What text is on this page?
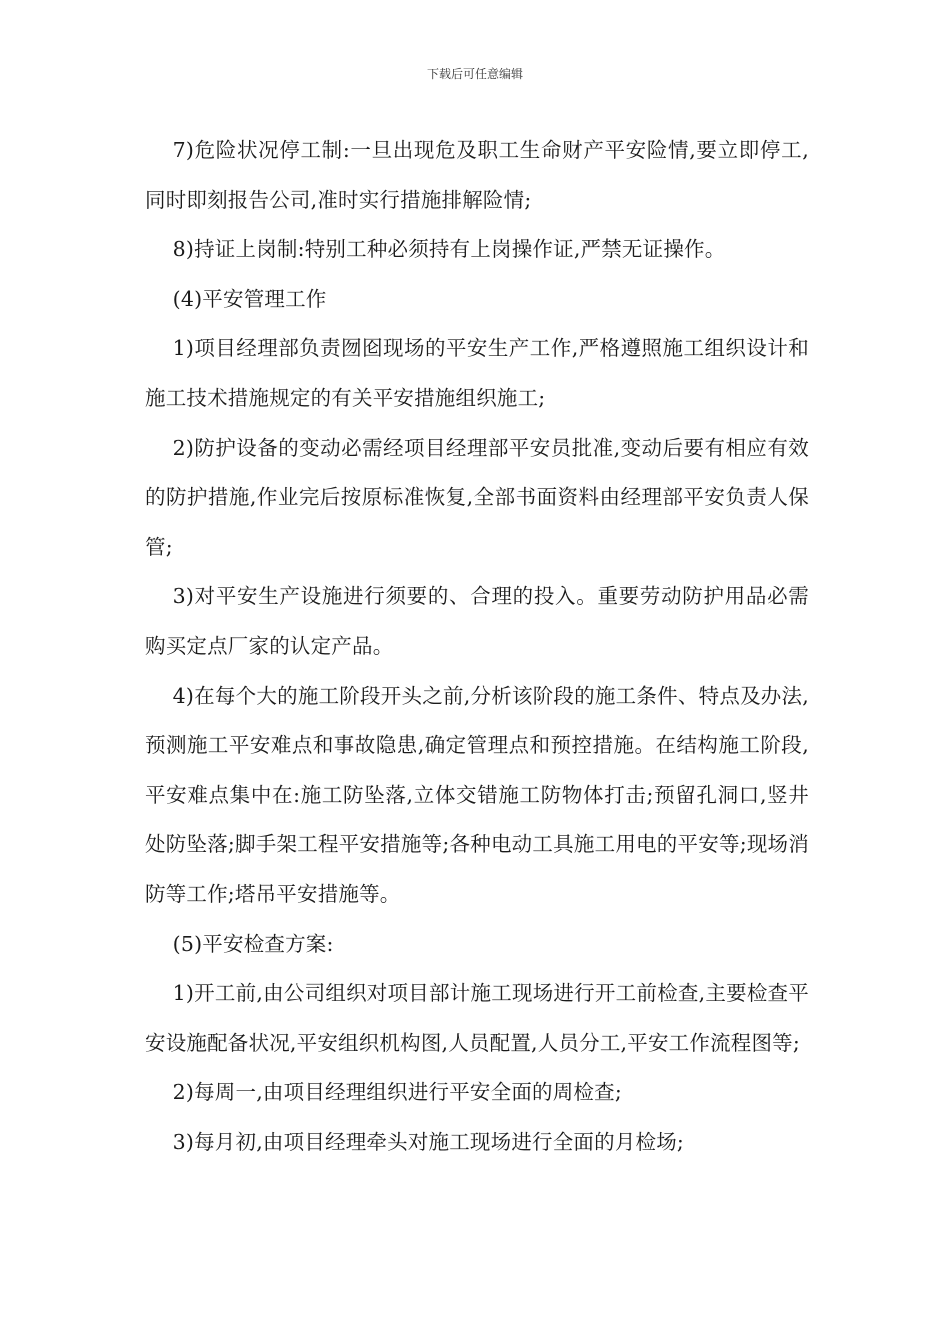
下载后可任意编辑

7)危险状况停工制:一旦出现危及职工生命财产平安险情,要立即停工,同时即刻报告公司,准时实行措施排解险情;

8)持证上岗制:特别工种必须持有上岗操作证,严禁无证操作。

(4)平安管理工作

1)项目经理部负责囫囵现场的平安生产工作,严格遵照施工组织设计和施工技术措施规定的有关平安措施组织施工;

2)防护设备的变动必需经项目经理部平安员批准,变动后要有相应有效的防护措施,作业完后按原标准恢复,全部书面资料由经理部平安负责人保管;

3)对平安生产设施进行须要的、合理的投入。重要劳动防护用品必需购买定点厂家的认定产品。

4)在每个大的施工阶段开头之前,分析该阶段的施工条件、特点及办法,预测施工平安难点和事故隐患,确定管理点和预控措施。在结构施工阶段,平安难点集中在:施工防坠落,立体交错施工防物体打击;预留孔洞口,竖井处防坠落;脚手架工程平安措施等;各种电动工具施工用电的平安等;现场消防等工作;塔吊平安措施等。

(5)平安检查方案:

1)开工前,由公司组织对项目部计施工现场进行开工前检查,主要检查平安设施配备状况,平安组织机构图,人员配置,人员分工,平安工作流程图等;

2)每周一,由项目经理组织进行平安全面的周检查;

3)每月初,由项目经理牵头对施工现场进行全面的月检场;
